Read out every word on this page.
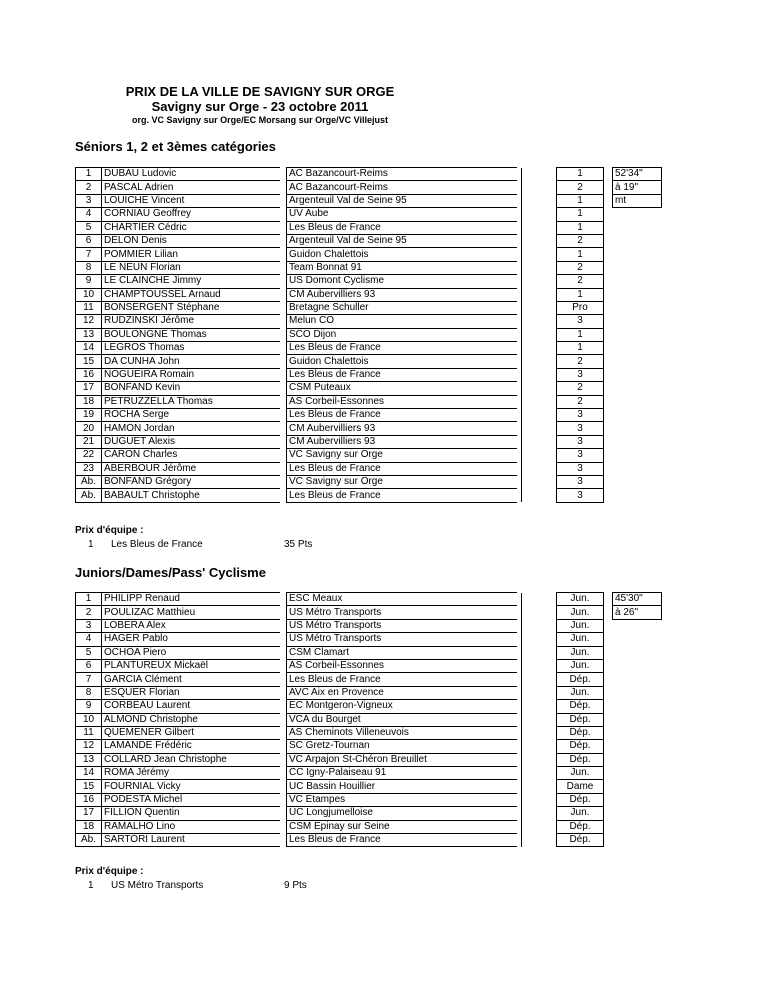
PRIX DE LA VILLE DE SAVIGNY SUR ORGE
Savigny sur Orge - 23 octobre 2011
org. VC Savigny sur Orge/EC Morsang sur Orge/VC Villejust
Séniors 1, 2 et 3èmes catégories
1	DUBAU Ludovic		AC Bazancourt-Reims			1		52'34"
2	PASCAL Adrien		AC Bazancourt-Reims			2		à 19"
3	LOUICHE Vincent		Argenteuil Val de Seine 95			1		mt
4	CORNIAU Geoffrey		UV Aube			1		
5	CHARTIER Cédric		Les Bleus de France			1		
6	DELON Denis		Argenteuil Val de Seine 95			2		
7	POMMIER Lilian		Guidon Chalettois			1		
8	LE NEUN Florian		Team Bonnat 91			2		
9	LE CLAINCHE Jimmy		US Domont Cyclisme			2		
10	CHAMPTOUSSEL Arnaud		CM Aubervilliers 93			1		
11	BONSERGENT Stéphane		Bretagne Schuller			Pro		
12	RUDZINSKI Jérôme		Melun CO			3		
13	BOULONGNE Thomas		SCO Dijon			1		
14	LEGROS Thomas		Les Bleus de France			1		
15	DA CUNHA John		Guidon Chalettois			2		
16	NOGUEIRA Romain		Les Bleus de France			3		
17	BONFAND Kevin		CSM Puteaux			2		
18	PETRUZZELLA Thomas		AS Corbeil-Essonnes			2		
19	ROCHA Serge		Les Bleus de France			3		
20	HAMON Jordan		CM Aubervilliers 93			3		
21	DUGUET Alexis		CM Aubervilliers 93			3		
22	CARON Charles		VC Savigny sur Orge			3		
23	ABERBOUR Jérôme		Les Bleus de France			3		
Ab.	BONFAND Grégory		VC Savigny sur Orge			3		
Ab.	BABAULT Christophe		Les Bleus de France			3		
Prix d'équipe :
1 Les Bleus de France	35 Pts
Juniors/Dames/Pass' Cyclisme
1	PHILIPP Renaud		ESC Meaux			Jun.		45'30"
2	POULIZAC Matthieu		US Métro Transports			Jun.		à 26"
3	LOBERA Alex		US Métro Transports			Jun.		
4	HAGER Pablo		US Métro Transports			Jun.		
5	OCHOA Piero		CSM Clamart			Jun.		
6	PLANTUREUX Mickaël		AS Corbeil-Essonnes			Jun.		
7	GARCIA Clément		Les Bleus de France			Dép.		
8	ESQUER Florian		AVC Aix en Provence			Jun.		
9	CORBEAU Laurent		EC Montgeron-Vigneux			Dép.		
10	ALMOND Christophe		VCA du Bourget			Dép.		
11	QUEMENER Gilbert		AS Cheminots Villeneuvois			Dép.		
12	LAMANDE Frédéric		SC Gretz-Tournan			Dép.		
13	COLLARD Jean Christophe		VC Arpajon St-Chéron Breuillet			Dép.		
14	ROMA Jérémy		CC Igny-Palaiseau 91			Jun.		
15	FOURNIAL Vicky		UC Bassin Houillier			Dame		
16	PODESTA Michel		VC Etampes			Dép.		
17	FILLION Quentin		UC Longjumelloise			Jun.		
18	RAMALHO Lino		CSM Epinay sur Seine			Dép.		
Ab.	SARTORI Laurent		Les Bleus de France			Dép.		
Prix d'équipe :
1 US Métro Transports	9 Pts
